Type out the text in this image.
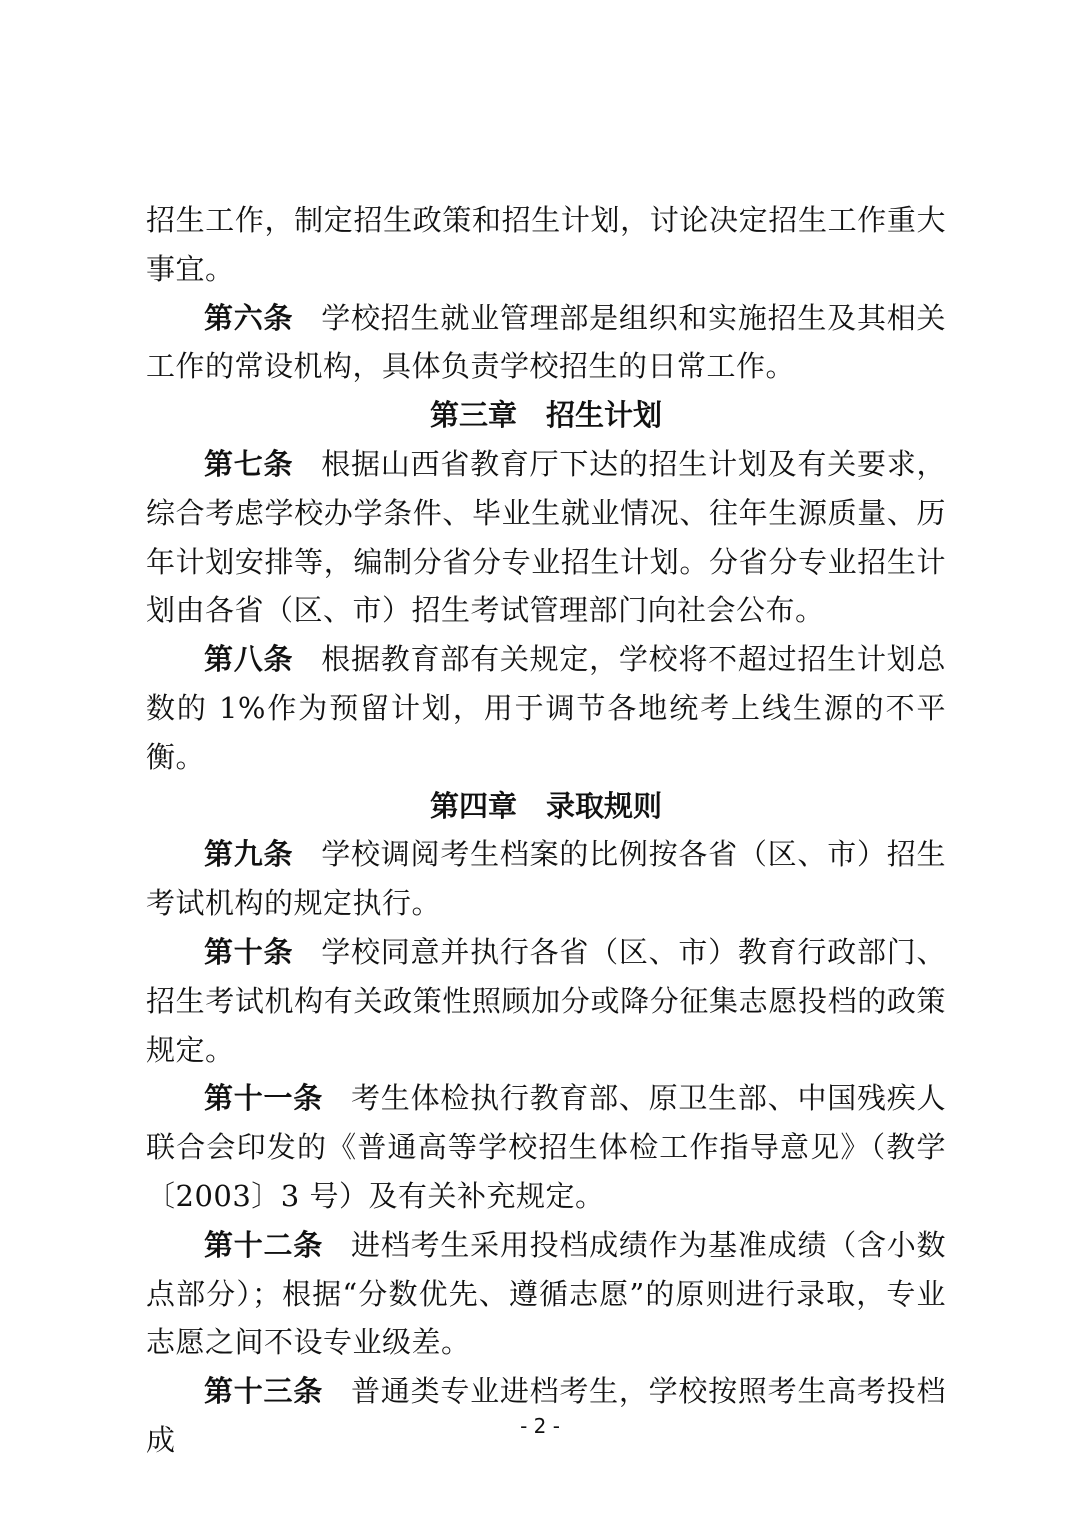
招生工作，制定招生政策和招生计划，讨论决定招生工作重大事宜。

第六条 学校招生就业管理部是组织和实施招生及其相关工作的常设机构，具体负责学校招生的日常工作。

第三章　招生计划

第七条 根据山西省教育厅下达的招生计划及有关要求，综合考虑学校办学条件、毕业生就业情况、往年生源质量、历年计划安排等，编制分省分专业招生计划。分省分专业招生计划由各省（区、市）招生考试管理部门向社会公布。

第八条 根据教育部有关规定，学校将不超过招生计划总数的 1%作为预留计划，用于调节各地统考上线生源的不平衡。

第四章　录取规则

第九条 学校调阅考生档案的比例按各省（区、市）招生考试机构的规定执行。

第十条 学校同意并执行各省（区、市）教育行政部门、招生考试机构有关政策性照顾加分或降分征集志愿投档的政策规定。

第十一条 考生体检执行教育部、原卫生部、中国残疾人联合会印发的《普通高等学校招生体检工作指导意见》（教学〔2003〕3 号）及有关补充规定。

第十二条 进档考生采用投档成绩作为基准成绩（含小数点部分）；根据“分数优先、遵循志愿”的原则进行录取，专业志愿之间不设专业级差。

第十三条 普通类专业进档考生，学校按照考生高考投档成	- 2 -
